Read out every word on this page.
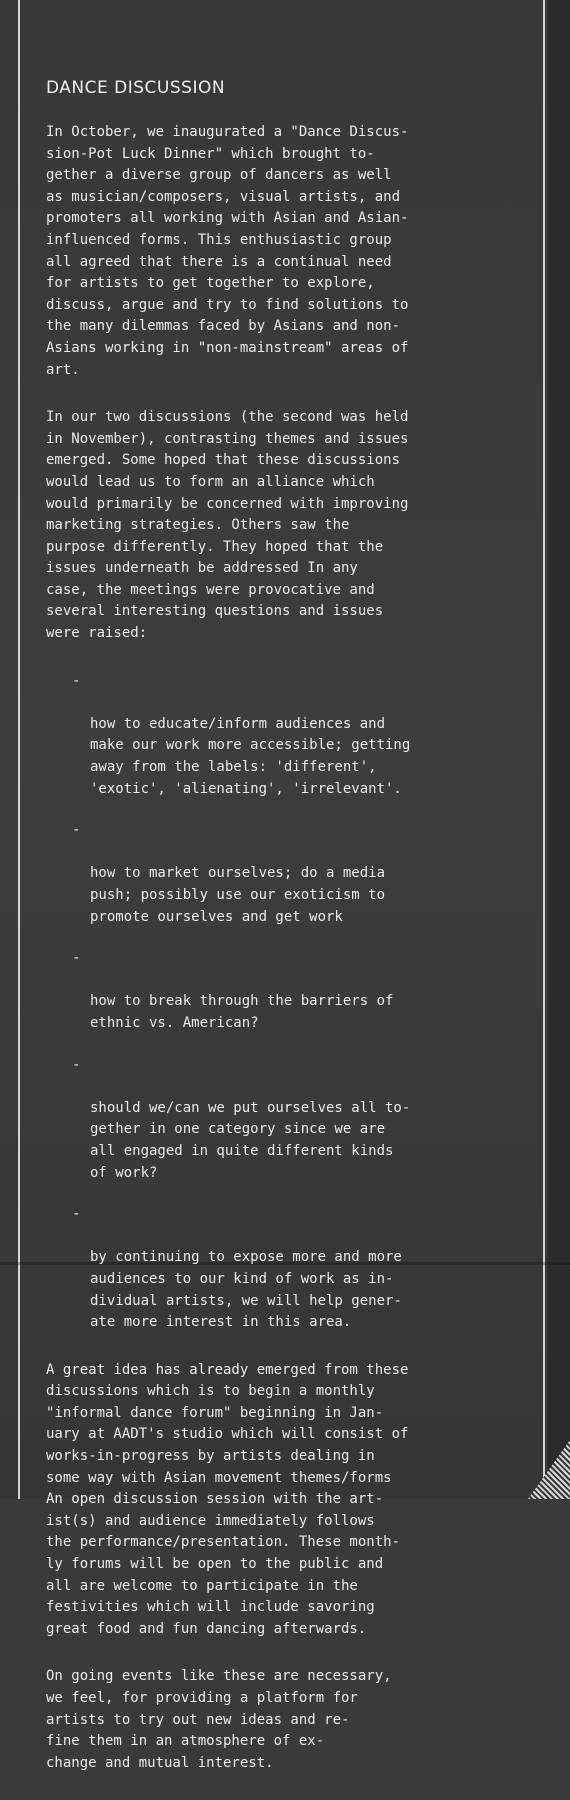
DANCE DISCUSSION

In October, we inaugurated a "Dance Discus-
sion-Pot Luck Dinner" which brought to-
gether a diverse group of dancers as well
as musician/composers, visual artists, and
promoters all working with Asian and Asian-
influenced forms. This enthusiastic group
all agreed that there is a continual need
for artists to get together to explore,
discuss, argue and try to find solutions to
the many dilemmas faced by Asians and non-
Asians working in "non-mainstream" areas of
art.

In our two discussions (the second was held
in November), contrasting themes and issues
emerged. Some hoped that these discussions
would lead us to form an alliance which
would primarily be concerned with improving
marketing strategies. Others saw the
purpose differently. They hoped that the
issues underneath be addressed In any
case, the meetings were provocative and
several interesting questions and issues
were raised:

-

how to educate/inform audiences and
make our work more accessible; getting
away from the labels: 'different',
'exotic', 'alienating', 'irrelevant'.

-

how to market ourselves; do a media
push; possibly use our exoticism to
promote ourselves and get work

-

how to break through the barriers of
ethnic vs. American?

-

should we/can we put ourselves all to-
gether in one category since we are
all engaged in quite different kinds
of work?

-

by continuing to expose more and more
audiences to our kind of work as in-
dividual artists, we will help gener-
ate more interest in this area.

A great idea has already emerged from these
discussions which is to begin a monthly
"informal dance forum" beginning in Jan-
uary at AADT's studio which will consist of
works-in-progress by artists dealing in
some way with Asian movement themes/forms
An open discussion session with the art-
ist(s) and audience immediately follows
the performance/presentation. These month-
ly forums will be open to the public and
all are welcome to participate in the
festivities which will include savoring
great food and fun dancing afterwards.

On going events like these are necessary,
we feel, for providing a platform for
artists to try out new ideas and re-
fine them in an atmosphere of ex-
change and mutual interest.
